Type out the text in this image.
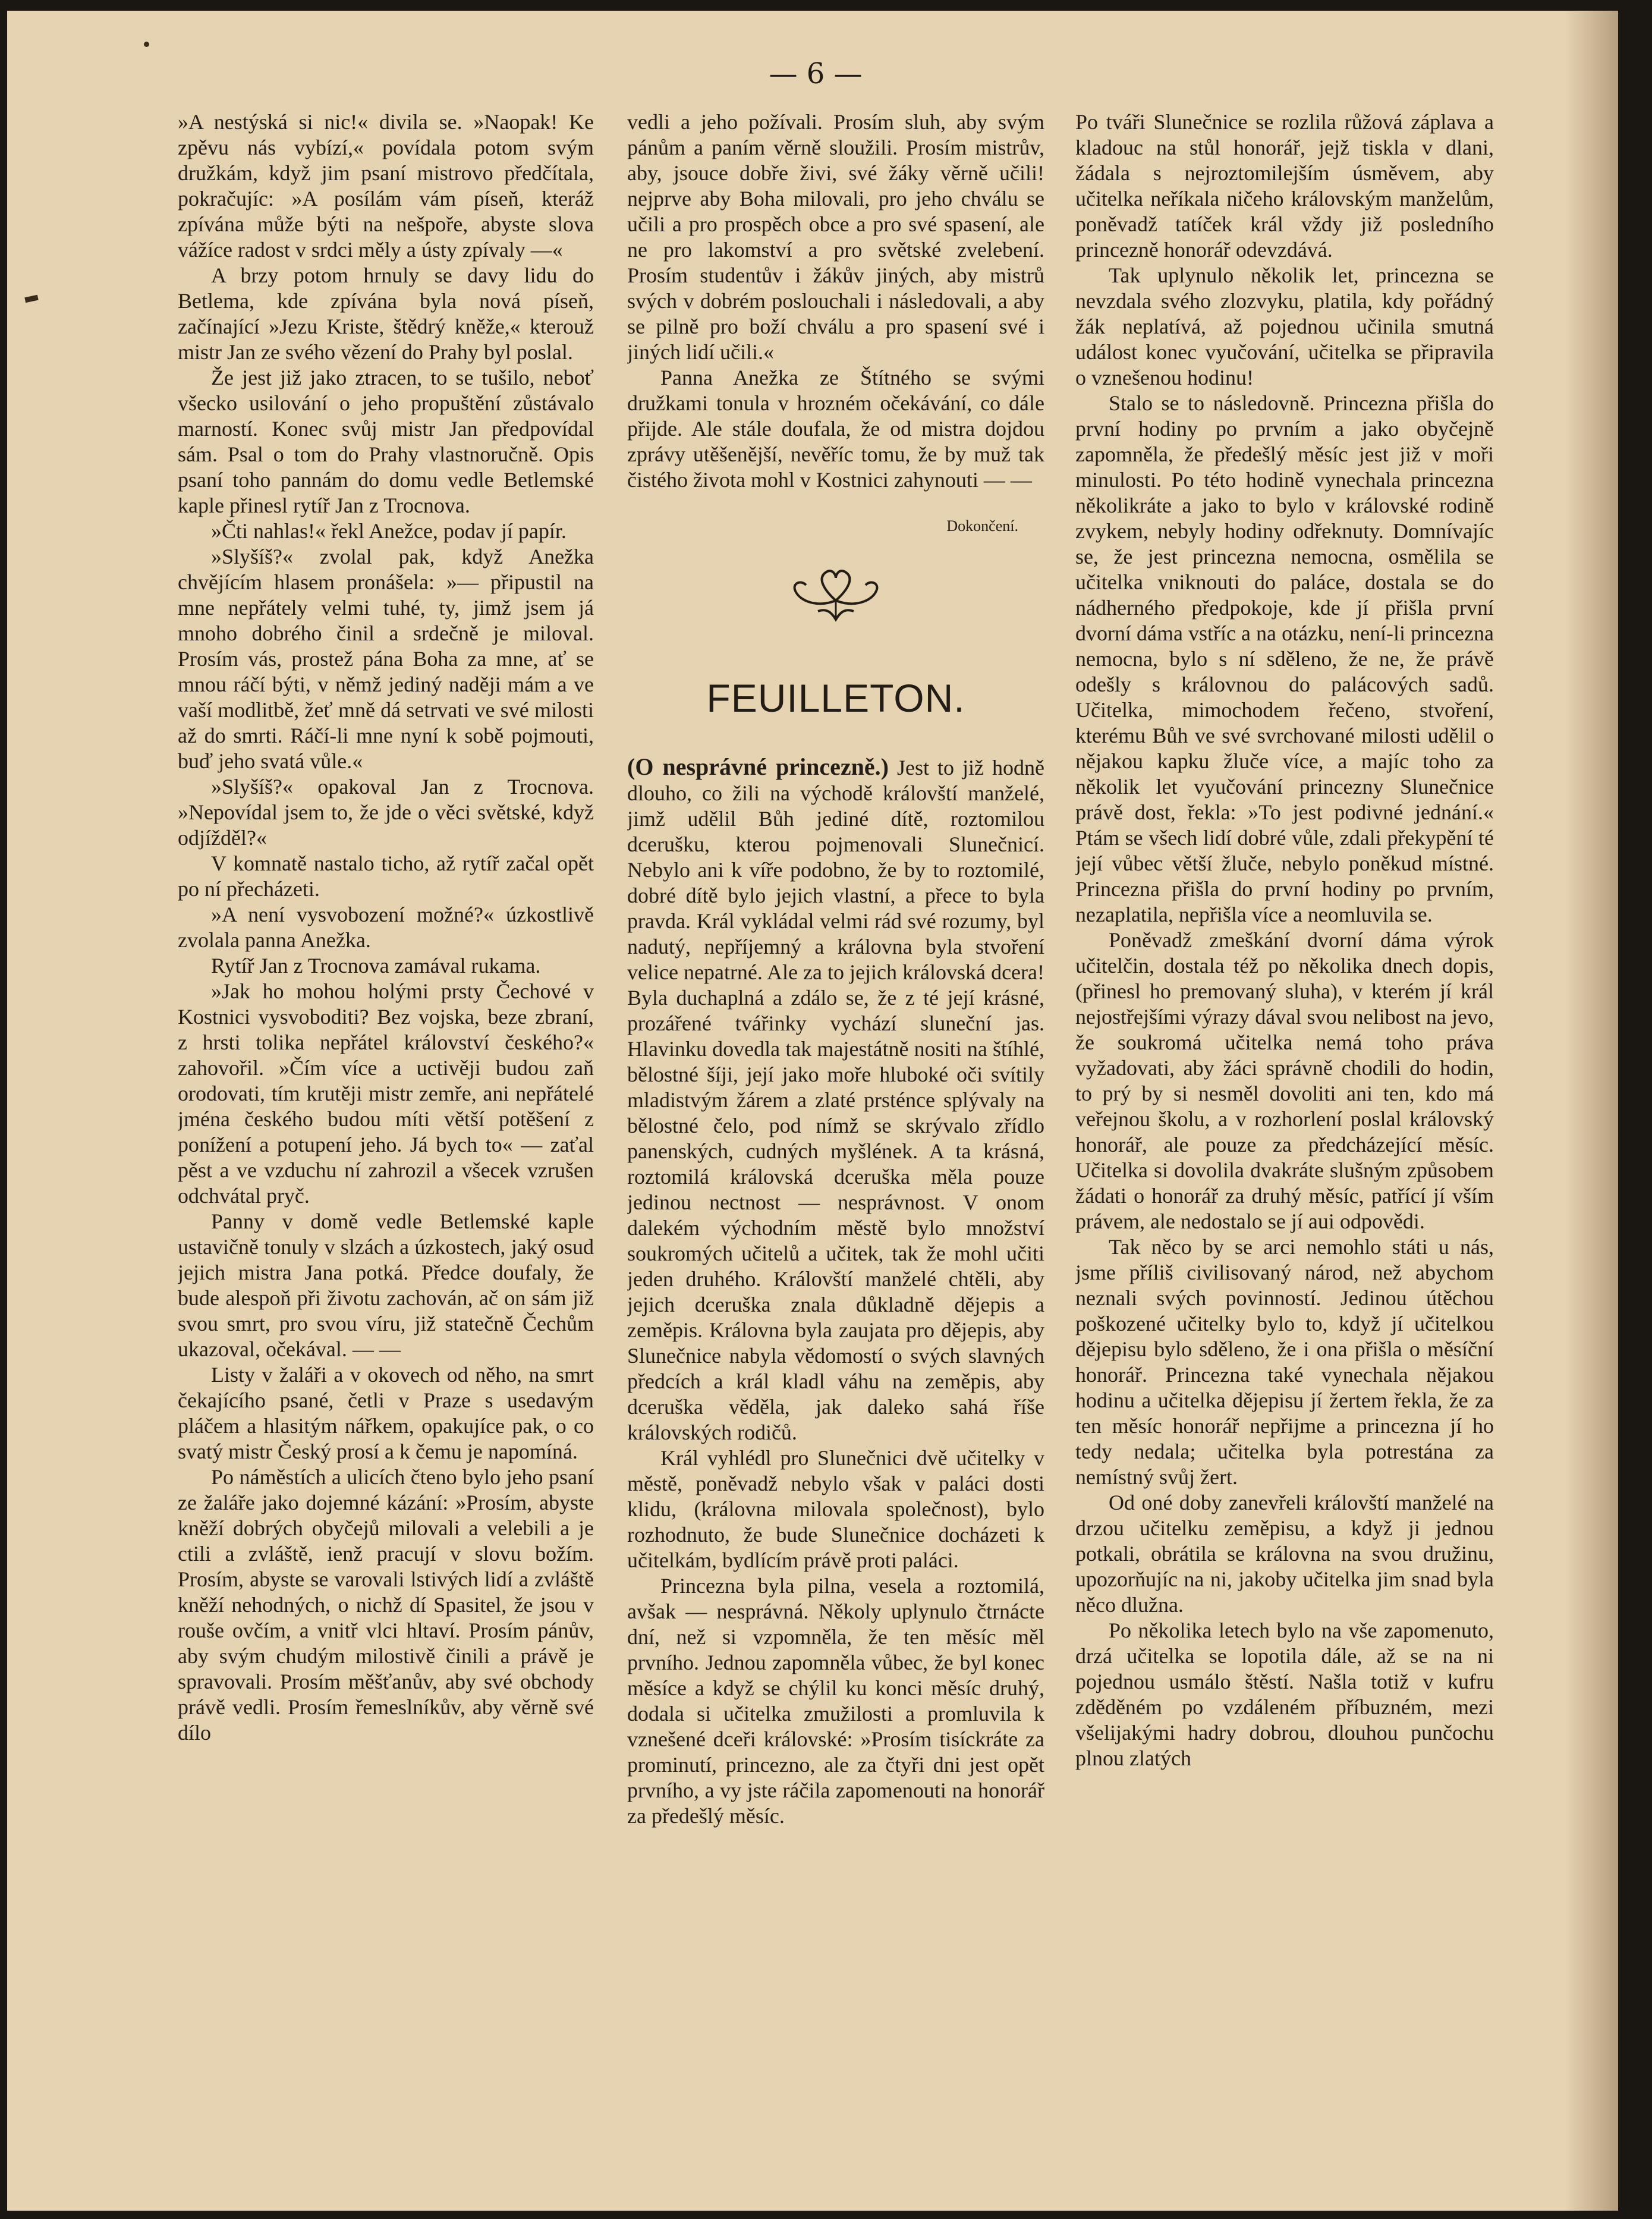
— 6 —

»A nestýská si nic!« divila se. »Naopak! Ke zpěvu nás vybízí,« povídala potom svým družkám, když jim psaní mistrovo předčítala, pokračujíc: »A posílám vám píseň, kteráž zpívána může býti na nešpoře, abyste slova vážíce radost v srdci měly a ústy zpívaly —«

A brzy potom hrnuly se davy lidu do Betlema, kde zpívána byla nová píseň, začínající »Jezu Kriste, štědrý kněže,« kterouž mistr Jan ze svého vězení do Prahy byl poslal.

Že jest již jako ztracen, to se tušilo, neboť všecko usilování o jeho propuštění zůstávalo marností. Konec svůj mistr Jan předpovídal sám. Psal o tom do Prahy vlastnoručně. Opis psaní toho pannám do domu vedle Betlemské kaple přinesl rytíř Jan z Trocnova.

»Čti nahlas!« řekl Anežce, podav jí papír.

»Slyšíš?« zvolal pak, když Anežka chvějícím hlasem pronášela: »— připustil na mne nepřátely velmi tuhé, ty, jimž jsem já mnoho dobrého činil a srdečně je miloval. Prosím vás, prostež pána Boha za mne, ať se mnou ráčí býti, v němž jediný naději mám a ve vaší modlitbě, žeť mně dá setrvati ve své milosti až do smrti. Ráčí-li mne nyní k sobě pojmouti, buď jeho svatá vůle.«

»Slyšíš?« opakoval Jan z Trocnova. »Nepovídal jsem to, že jde o věci světské, když odjížděl?«

V komnatě nastalo ticho, až rytíř začal opět po ní přecházeti.

»A není vysvobození možné?« úzkostlivě zvolala panna Anežka.

Rytíř Jan z Trocnova zamával rukama.

»Jak ho mohou holými prsty Čechové v Kostnici vysvoboditi? Bez vojska, beze zbraní, z hrsti tolika nepřátel království českého?« zahovořil. »Čím více a uctivěji budou zaň orodovati, tím krutěji mistr zemře, ani nepřátelé jména českého budou míti větší potěšení z ponížení a potupení jeho. Já bych to« — zaťal pěst a ve vzduchu ní zahrozil a všecek vzrušen odchvátal pryč.

Panny v domě vedle Betlemské kaple ustavičně tonuly v slzách a úzkostech, jaký osud jejich mistra Jana potká. Předce doufaly, že bude alespoň při životu zachován, ač on sám již svou smrt, pro svou víru, již statečně Čechům ukazoval, očekával. — —

Listy v žaláři a v okovech od něho, na smrt čekajícího psané, četli v Praze s usedavým pláčem a hlasitým nářkem, opakujíce pak, o co svatý mistr Český prosí a k čemu je napomíná.

Po náměstích a ulicích čteno bylo jeho psaní ze žaláře jako dojemné kázání: »Prosím, abyste kněží dobrých obyčejů milovali a velebili a je ctili a zvláště, ienž pracují v slovu božím. Prosím, abyste se varovali lstivých lidí a zvláště kněží nehodných, o nichž dí Spasitel, že jsou v rouše ovčím, a vnitř vlci hltaví. Prosím pánův, aby svým chudým milostivě činili a právě je spravovali. Prosím měšťanův, aby své obchody právě vedli. Prosím řemeslníkův, aby věrně své dílo

vedli a jeho požívali. Prosím sluh, aby svým pánům a paním věrně sloužili. Prosím mistrův, aby, jsouce dobře živi, své žáky věrně učili! nejprve aby Boha milovali, pro jeho chválu se učili a pro prospěch obce a pro své spasení, ale ne pro lakomství a pro světské zvelebení. Prosím studentův i žákův jiných, aby mistrů svých v dobrém poslouchali i následovali, a aby se pilně pro boží chválu a pro spasení své i jiných lidí učili.«

Panna Anežka ze Štítného se svými družkami tonula v hrozném očekávání, co dále přijde. Ale stále doufala, že od mistra dojdou zprávy utěšenější, nevěříc tomu, že by muž tak čistého života mohl v Kostnici zahynouti — —

Dokončení.
FEUILLETON.

(O nesprávné princezně.) Jest to již hodně dlouho, co žili na východě královští manželé, jimž udělil Bůh jediné dítě, roztomilou dcerušku, kterou pojmenovali Slunečnicí. Nebylo ani k víře podobno, že by to roztomilé, dobré dítě bylo jejich vlastní, a přece to byla pravda. Král vykládal velmi rád své rozumy, byl nadutý, nepříjemný a královna byla stvoření velice nepatrné. Ale za to jejich královská dcera! Byla duchaplná a zdálo se, že z té její krásné, prozářené tvářinky vychází sluneční jas. Hlavinku dovedla tak majestátně nositi na štíhlé, bělostné šíji, její jako moře hluboké oči svítily mladistvým žárem a zlaté prsténce splývaly na bělostné čelo, pod nímž se skrývalo zřídlo panenských, cudných myšlének. A ta krásná, roztomilá královská dceruška měla pouze jedinou nectnost — nesprávnost. V onom dalekém východním městě bylo množství soukromých učitelů a učitek, tak že mohl učiti jeden druhého. Královští manželé chtěli, aby jejich dceruška znala důkladně dějepis a zeměpis. Královna byla zaujata pro dějepis, aby Slunečnice nabyla vědomostí o svých slavných předcích a král kladl váhu na zeměpis, aby dceruška věděla, jak daleko sahá říše královských rodičů.

Král vyhlédl pro Slunečnici dvě učitelky v městě, poněvadž nebylo však v paláci dosti klidu, (královna milovala společnost), bylo rozhodnuto, že bude Slunečnice docházeti k učitelkám, bydlícím právě proti paláci.

Princezna byla pilna, vesela a roztomilá, avšak — nesprávná. Několy uplynulo čtrnácte dní, než si vzpomněla, že ten měsíc měl prvního. Jednou zapomněla vůbec, že byl konec měsíce a když se chýlil ku konci měsíc druhý, dodala si učitelka zmužilosti a promluvila k vznešené dceři královské: »Prosím tisíckráte za prominutí, princezno, ale za čtyři dni jest opět prvního, a vy jste ráčila zapomenouti na honorář za předešlý měsíc.

Po tváři Slunečnice se rozlila růžová záplava a kladouc na stůl honorář, jejž tiskla v dlani, žádala s nejroztomilejším úsměvem, aby učitelka neříkala ničeho královským manželům, poněvadž tatíček král vždy již posledního princezně honorář odevzdává.

Tak uplynulo několik let, princezna se nevzdala svého zlozvyku, platila, kdy pořádný žák neplatívá, až pojednou učinila smutná událost konec vyučování, učitelka se připravila o vznešenou hodinu!

Stalo se to následovně. Princezna přišla do první hodiny po prvním a jako obyčejně zapomněla, že předešlý měsíc jest již v moři minulosti. Po této hodině vynechala princezna několikráte a jako to bylo v královské rodině zvykem, nebyly hodiny odřeknuty. Domnívajíc se, že jest princezna nemocna, osmělila se učitelka vniknouti do paláce, dostala se do nádherného předpokoje, kde jí přišla první dvorní dáma vstříc a na otázku, není-li princezna nemocna, bylo s ní sděleno, že ne, že právě odešly s královnou do palácových sadů. Učitelka, mimochodem řečeno, stvoření, kterému Bůh ve své svrchované milosti udělil o nějakou kapku žluče více, a majíc toho za několik let vyučování princezny Slunečnice právě dost, řekla: »To jest podivné jednání.« Ptám se všech lidí dobré vůle, zdali překypění té její vůbec větší žluče, nebylo poněkud místné. Princezna přišla do první hodiny po prvním, nezaplatila, nepřišla více a neomluvila se.

Poněvadž zmeškání dvorní dáma výrok učitelčin, dostala též po několika dnech dopis, (přinesl ho premovaný sluha), v kterém jí král nejostřejšími výrazy dával svou nelibost na jevo, že soukromá učitelka nemá toho práva vyžadovati, aby žáci správně chodili do hodin, to prý by si nesměl dovoliti ani ten, kdo má veřejnou školu, a v rozhorlení poslal královský honorář, ale pouze za předcházející měsíc. Učitelka si dovolila dvakráte slušným způsobem žádati o honorář za druhý měsíc, patřící jí vším právem, ale nedostalo se jí aui odpovědi.

Tak něco by se arci nemohlo státi u nás, jsme příliš civilisovaný národ, než abychom neznali svých povinností. Jedinou útěchou poškozené učitelky bylo to, když jí učitelkou dějepisu bylo sděleno, že i ona přišla o měsíční honorář. Princezna také vynechala nějakou hodinu a učitelka dějepisu jí žertem řekla, že za ten měsíc honorář nepřijme a princezna jí ho tedy nedala; učitelka byla potrestána za nemístný svůj žert.

Od oné doby zanevřeli královští manželé na drzou učitelku zeměpisu, a když ji jednou potkali, obrátila se královna na svou družinu, upozorňujíc na ni, jakoby učitelka jim snad byla něco dlužna.

Po několika letech bylo na vše zapomenuto, drzá učitelka se lopotila dále, až se na ni pojednou usmálo štěstí. Našla totiž v kufru zděděném po vzdáleném příbuzném, mezi všelijakými hadry dobrou, dlouhou punčochu plnou zlatých
